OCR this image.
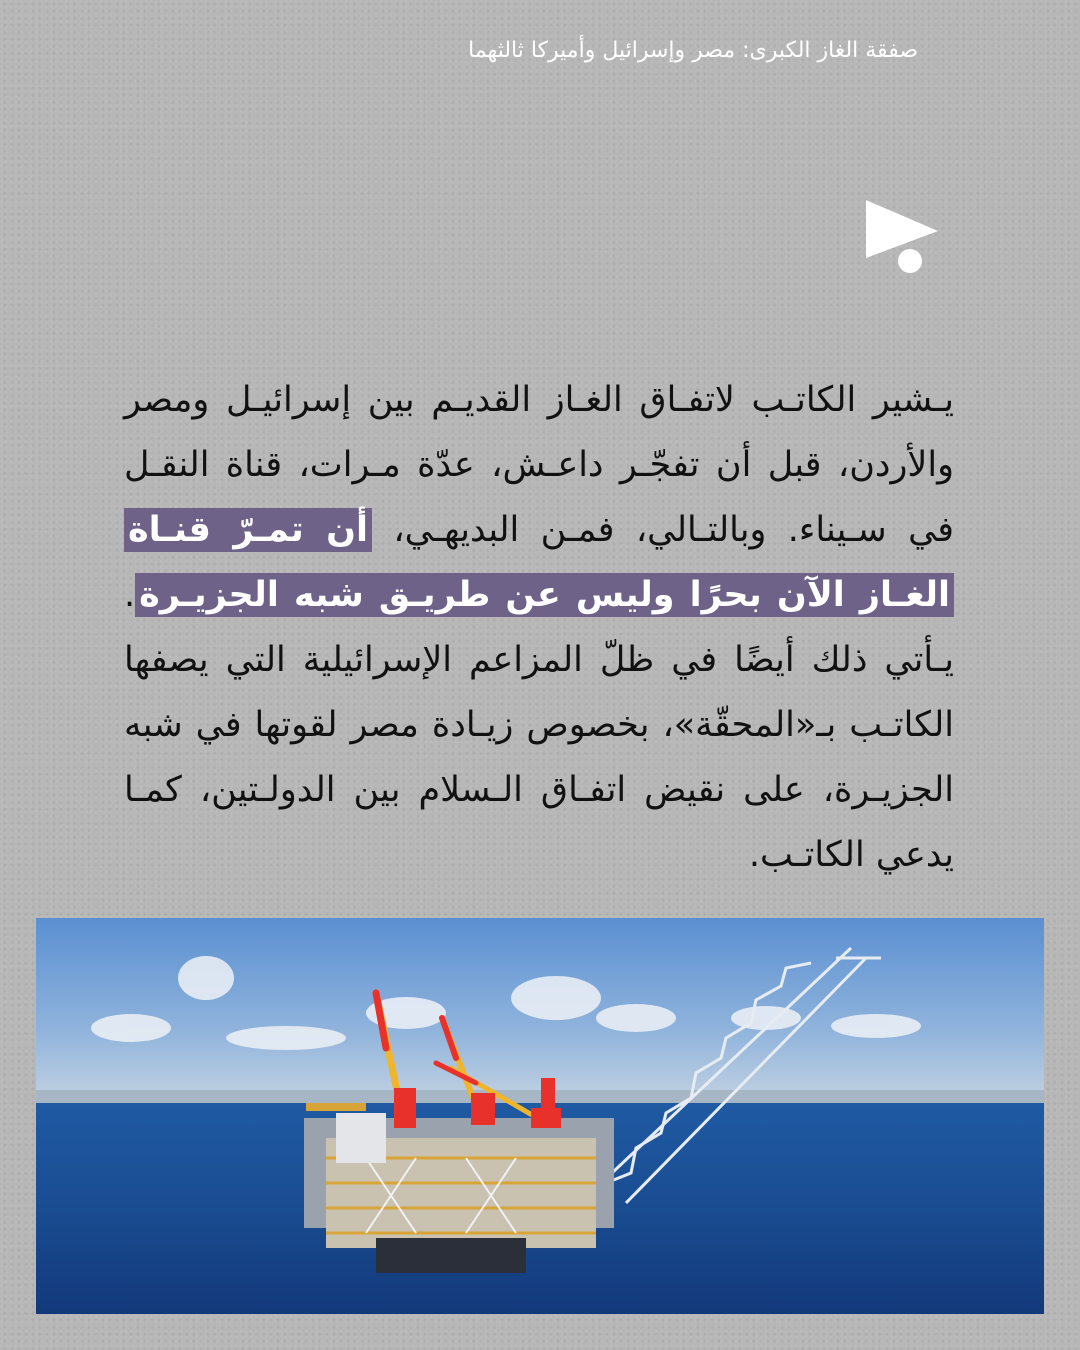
صفقة الغاز الكبرى: مصر وإسرائيل وأميركا ثالثهما
يـشير الكاتـب لاتفـاق الغـاز القديـم بين إسرائيـل ومصر والأردن، قبل أن تفجّـر داعـش، عدّة مـرات، قناة النقـل في سـيناء. وبالتـالي، فمـن البديهـي، أن تمـرّ قنـاة الغـاز الآن بحرًا وليس عن طريـق شبه الجزيـرة. يـأتي ذلك أيضًا في ظلّ المزاعم الإسرائيلية التي يصفها الكاتـب بـ«المحقّة»، بخصوص زيـادة مصر لقوتها في شبه الجزيـرة، على نقيض اتفـاق الـسلام بين الدولـتين، كمـا يدعي الكاتـب.
